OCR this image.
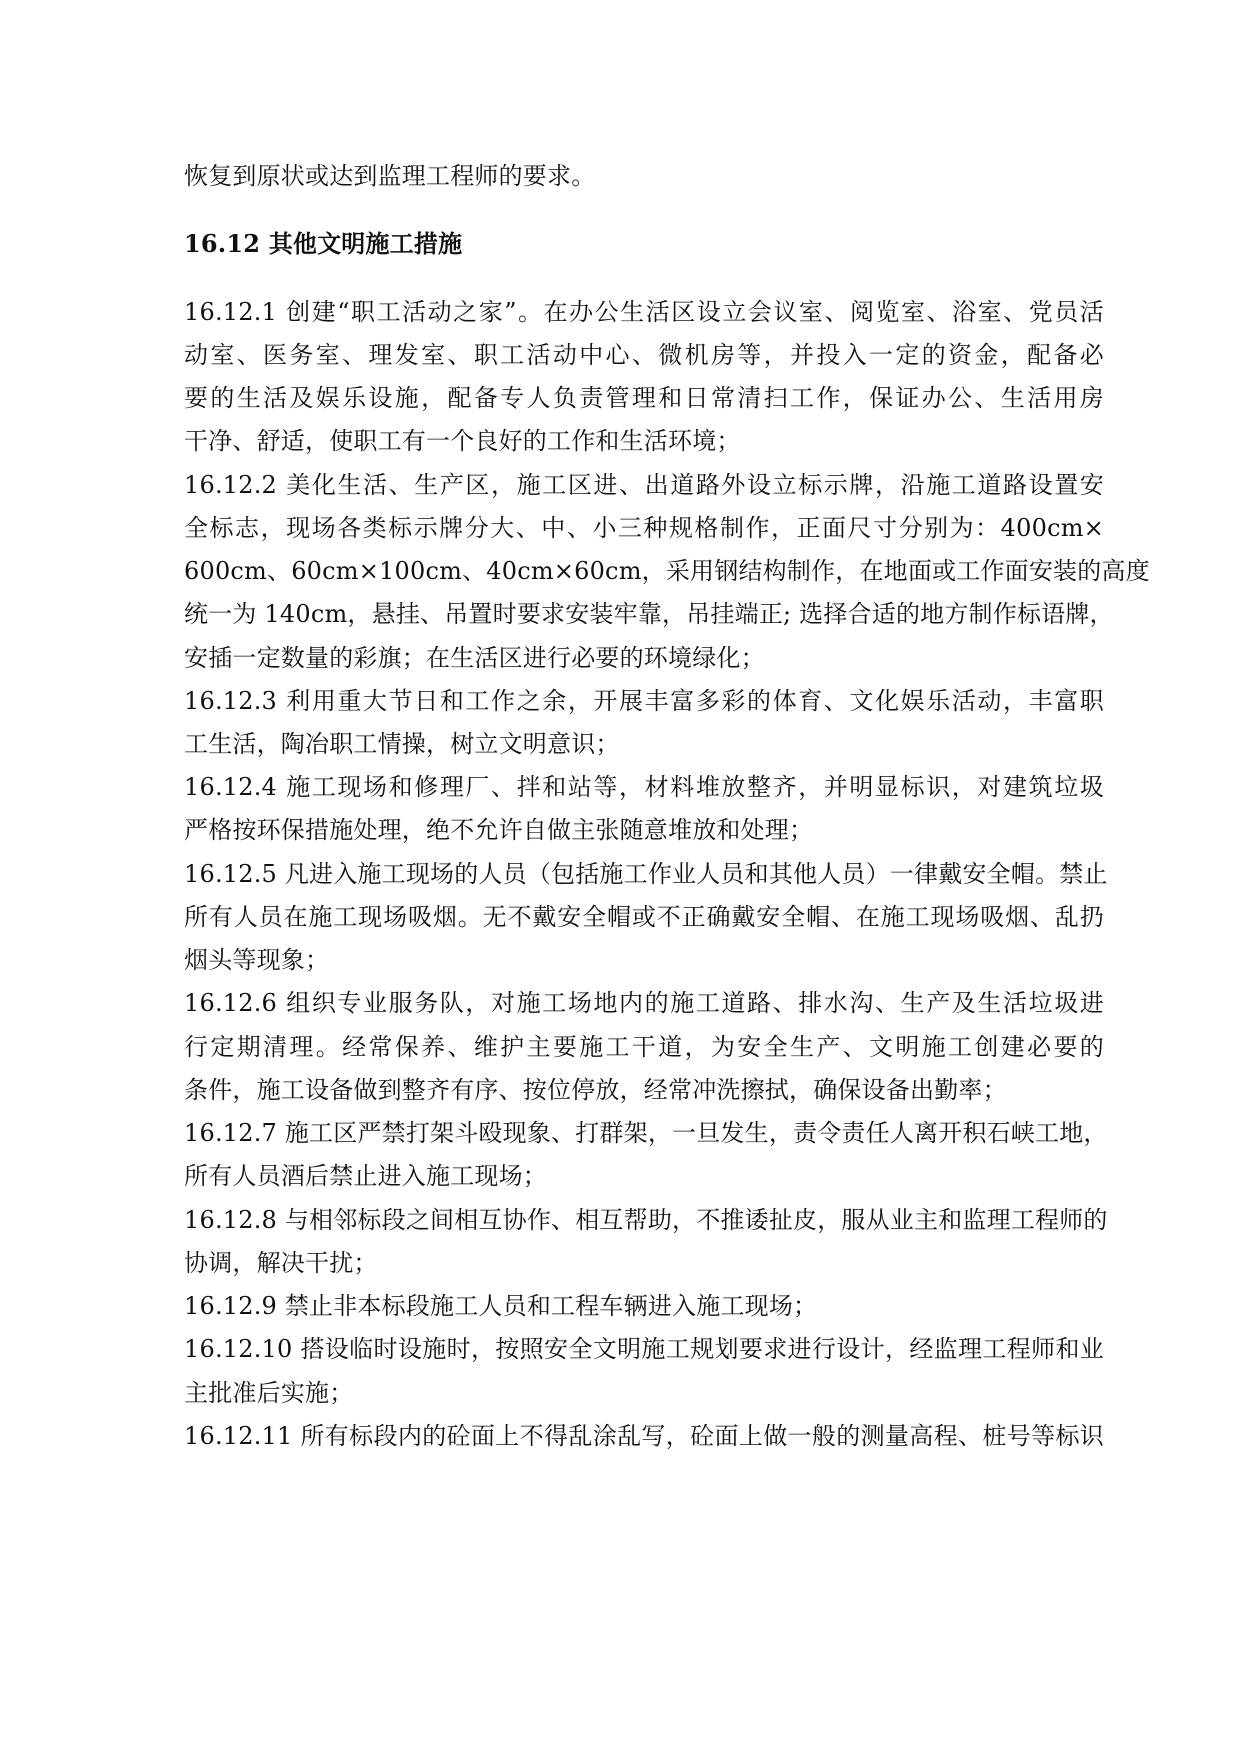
恢复到原状或达到监理工程师的要求。
16.12 其他文明施工措施
16.12.1 创建“职工活动之家”。在办公生活区设立会议室、阅览室、浴室、党员活
动室、医务室、理发室、职工活动中心、微机房等，并投入一定的资金，配备必
要的生活及娱乐设施，配备专人负责管理和日常清扫工作，保证办公、生活用房
干净、舒适，使职工有一个良好的工作和生活环境；
16.12.2 美化生活、生产区，施工区进、出道路外设立标示牌，沿施工道路设置安
全标志，现场各类标示牌分大、中、小三种规格制作，正面尺寸分别为：400cm×
600cm、60cm×100cm、40cm×60cm，采用钢结构制作，在地面或工作面安装的高度
统一为 140cm，悬挂、吊置时要求安装牢靠，吊挂端正; 选择合适的地方制作标语牌，
安插一定数量的彩旗；在生活区进行必要的环境绿化；
16.12.3 利用重大节日和工作之余，开展丰富多彩的体育、文化娱乐活动，丰富职
工生活，陶冶职工情操，树立文明意识；
16.12.4 施工现场和修理厂、拌和站等，材料堆放整齐，并明显标识，对建筑垃圾
严格按环保措施处理，绝不允许自做主张随意堆放和处理；
16.12.5 凡进入施工现场的人员（包括施工作业人员和其他人员）一律戴安全帽。禁止
所有人员在施工现场吸烟。无不戴安全帽或不正确戴安全帽、在施工现场吸烟、乱扔
烟头等现象；
16.12.6 组织专业服务队，对施工场地内的施工道路、排水沟、生产及生活垃圾进
行定期清理。经常保养、维护主要施工干道，为安全生产、文明施工创建必要的
条件，施工设备做到整齐有序、按位停放，经常冲洗擦拭，确保设备出勤率；
16.12.7 施工区严禁打架斗殴现象、打群架，一旦发生，责令责任人离开积石峡工地，
所有人员酒后禁止进入施工现场；
16.12.8 与相邻标段之间相互协作、相互帮助，不推诿扯皮，服从业主和监理工程师的
协调，解决干扰；
16.12.9 禁止非本标段施工人员和工程车辆进入施工现场；
16.12.10 搭设临时设施时，按照安全文明施工规划要求进行设计，经监理工程师和业
主批准后实施；
16.12.11 所有标段内的砼面上不得乱涂乱写，砼面上做一般的测量高程、桩号等标识
